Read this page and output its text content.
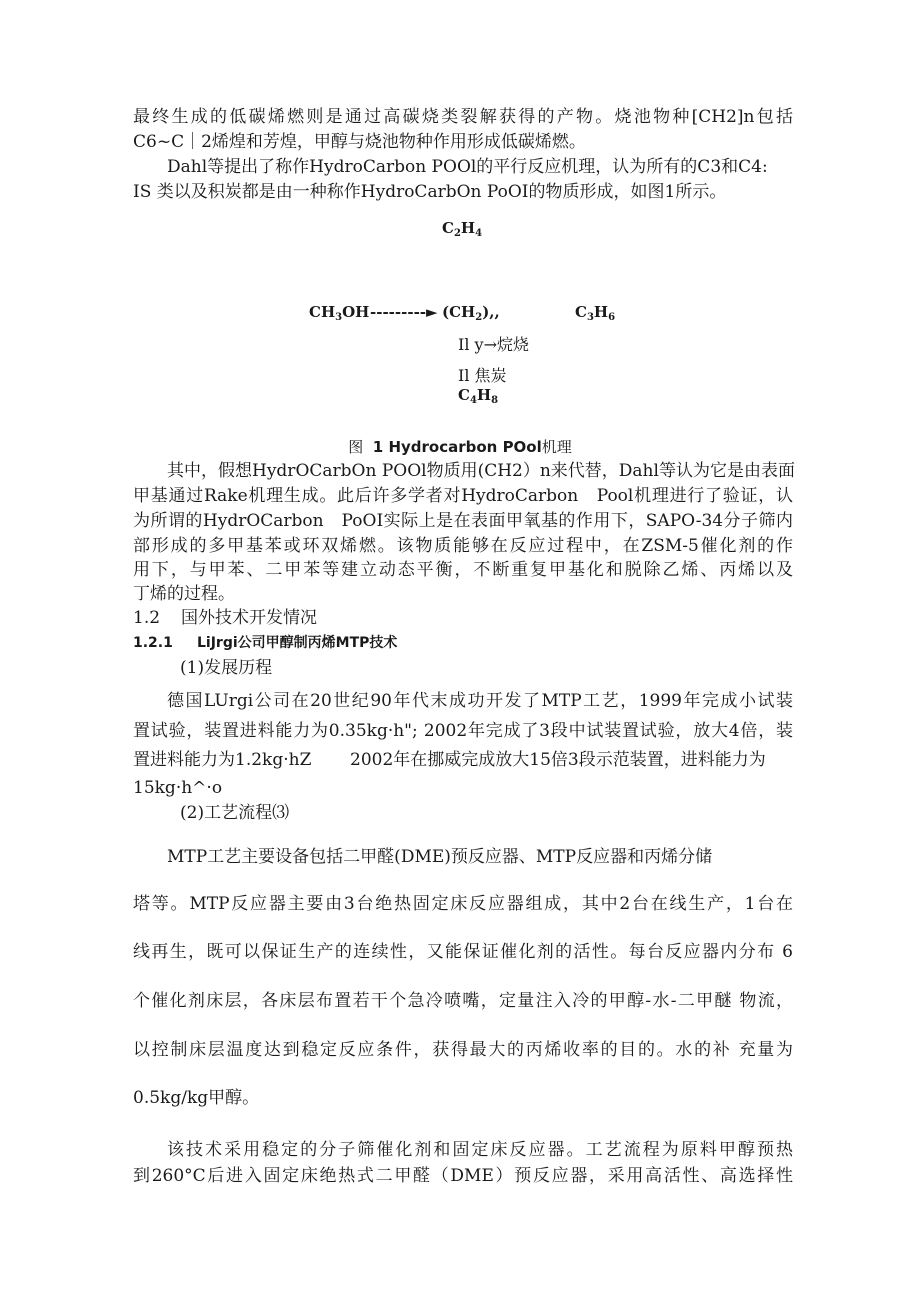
最终生成的低碳烯燃则是通过高碳烧类裂解获得的产物。烧池物种[CH2]n包括
C6~C｜2烯煌和芳煌，甲醇与烧池物种作用形成低碳烯燃。
Dahl等提出了称作HydroCarbon POOl的平行反应机理，认为所有的C3和C4:
IS 类以及积炭都是由一种称作HydroCarbOn PoOI的物质形成，如图1所示。
$C_2H_4$
$CH_3OH$ ---------► $(CH_2)$,,	$C_3H_6$
Il y→烷烧
Il 焦炭
$C_4H_8$
图 1 Hydrocarbon POol机理
其中，假想HydrOCarbOn POOl物质用(CH2）n来代替，Dahl等认为它是由表面
甲基通过Rake机理生成。此后许多学者对HydroCarbon　Pool机理进行了验证，认
为所谓的HydrOCarbon　PoOI实际上是在表面甲氧基的作用下，SAPO-34分子筛内
部形成的多甲基苯或环双烯燃。该物质能够在反应过程中，在ZSM-5催化剂的作
用下，与甲苯、二甲苯等建立动态平衡，不断重复甲基化和脱除乙烯、丙烯以及
丁烯的过程。
1.2 国外技术开发情况
1.2.1 LiJrgi公司甲醇制丙烯MTP技术
(1)发展历程
德国LUrgi公司在20世纪90年代末成功开发了MTP工艺，1999年完成小试装
置试验，装置进料能力为0.35kg·h"; 2002年完成了3段中试装置试验，放大4倍，装
置进料能力为1.2kg·hZ 2002年在挪威完成放大15倍3段示范装置，进料能力为
15kg·h^·o
(2)工艺流程⑶
MTP工艺主要设备包括二甲醛(DME)预反应器、MTP反应器和丙烯分储
塔等。MTP反应器主要由3台绝热固定床反应器组成，其中2台在线生产，1台在
线再生，既可以保证生产的连续性，又能保证催化剂的活性。每台反应器内分布 6
个催化剂床层，各床层布置若干个急冷喷嘴，定量注入冷的甲醇-水-二甲醚 物流，
以控制床层温度达到稳定反应条件，获得最大的丙烯收率的目的。水的补 充量为
0.5kg/kg甲醇。
该技术采用稳定的分子筛催化剂和固定床反应器。工艺流程为原料甲醇预热
到260°C后进入固定床绝热式二甲醛（DME）预反应器，采用高活性、高选择性
